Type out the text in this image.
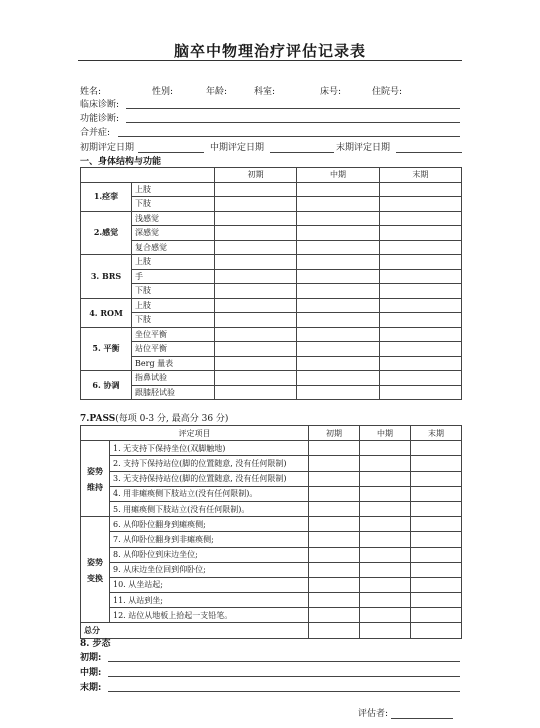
脑卒中物理治疗评估记录表
姓名:	性别:	年龄:	科室:	床号:	住院号:
临床诊断:
功能诊断:
合并症:
初期评定日期	中期评定日期	末期评定日期
一、身体结构与功能
		初期	中期	末期
1.痉挛	上肢			
	下肢			
2.感觉	浅感觉			
	深感觉			
	复合感觉			
3. BRS	上肢			
	手			
	下肢			
4. ROM	上肢			
	下肢			
5. 平衡	坐位平衡			
	站位平衡			
	Berg 量表			
6. 协调	指鼻试验			
	跟膝胫试验			
7.PASS(每项 0-3 分, 最高分 36 分)
评定项目		初期	中期	末期

姿势
维持	1. 无支持下保持坐位(双脚触地)			
	2. 支持下保持站位(脚的位置随意, 没有任何限制)			
	3. 无支持保持站位(脚的位置随意, 没有任何限制)			
	4. 用非瘫痪侧下肢站立(没有任何限制)。			
	5. 用瘫痪侧下肢站立(没有任何限制)。			

姿势
变换	6. 从仰卧位翻身到瘫痪侧;			
	7. 从仰卧位翻身到非瘫痪侧;			
	8. 从仰卧位到床边坐位;			
	9. 从床边坐位回到仰卧位;			
	10. 从坐站起;			
	11. 从站到坐;			
	12. 站位从地板上拾起一支铅笔。			
总分				
8. 步态
初期:
中期:
末期:
评估者:
